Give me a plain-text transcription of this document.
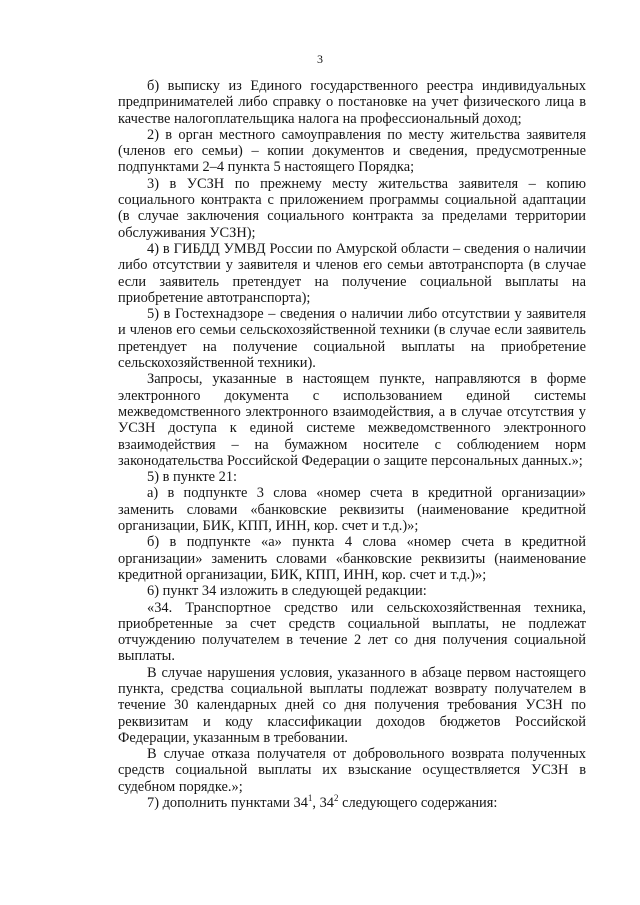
3

б) выписку из Единого государственного реестра индивидуальных предпринимателей либо справку о постановке на учет физического лица в качестве налогоплательщика налога на профессиональный доход;

2) в орган местного самоуправления по месту жительства заявителя (членов его семьи) – копии документов и сведения, предусмотренные подпунктами 2–4 пункта 5 настоящего Порядка;

3) в УСЗН по прежнему месту жительства заявителя – копию социального контракта с приложением программы социальной адаптации (в случае заключения социального контракта за пределами территории обслуживания УСЗН);

4) в ГИБДД УМВД России по Амурской области – сведения о наличии либо отсутствии у заявителя и членов его семьи автотранспорта (в случае если заявитель претендует на получение социальной выплаты на приобретение автотранспорта);

5) в Гостехнадзоре – сведения о наличии либо отсутствии у заявителя и членов его семьи сельскохозяйственной техники (в случае если заявитель претендует на получение социальной выплаты на приобретение сельскохозяйственной техники).

Запросы, указанные в настоящем пункте, направляются в форме электронного документа с использованием единой системы межведомственного электронного взаимодействия, а в случае отсутствия у УСЗН доступа к единой системе межведомственного электронного взаимодействия – на бумажном носителе с соблюдением норм законодательства Российской Федерации о защите персональных данных.»;

5) в пункте 21:

а) в подпункте 3 слова «номер счета в кредитной организации» заменить словами «банковские реквизиты (наименование кредитной организации, БИК, КПП, ИНН, кор. счет и т.д.)»;

б) в подпункте «а» пункта 4 слова «номер счета в кредитной организации» заменить словами «банковские реквизиты (наименование кредитной организации, БИК, КПП, ИНН, кор. счет и т.д.)»;

6) пункт 34 изложить в следующей редакции:

«34. Транспортное средство или сельскохозяйственная техника, приобретенные за счет средств социальной выплаты, не подлежат отчуждению получателем в течение 2 лет со дня получения социальной выплаты.

В случае нарушения условия, указанного в абзаце первом настоящего пункта, средства социальной выплаты подлежат возврату получателем в течение 30 календарных дней со дня получения требования УСЗН по реквизитам и коду классификации доходов бюджетов Российской Федерации, указанным в требовании.

В случае отказа получателя от добровольного возврата полученных средств социальной выплаты их взыскание осуществляется УСЗН в судебном порядке.»;

7) дополнить пунктами $34^1$, $34^2$ следующего содержания:
